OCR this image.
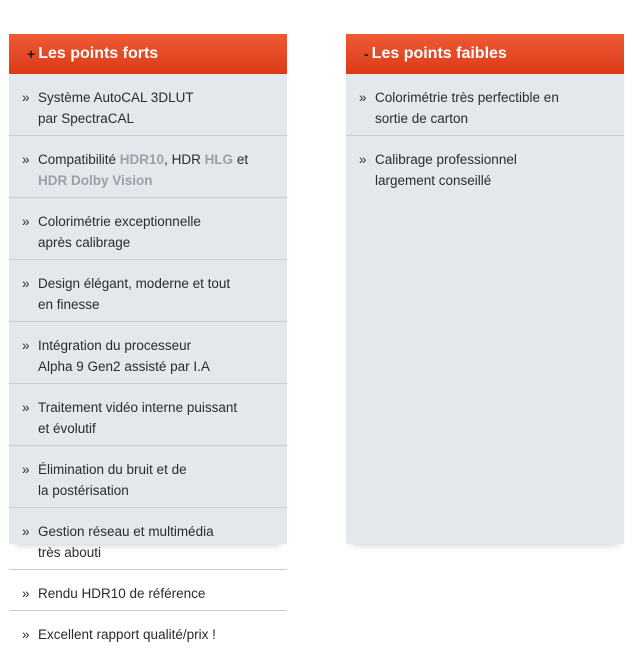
+ Les points forts
» Système AutoCAL 3DLUT
par SpectraCAL
» Compatibilité HDR10, HDR HLG et
HDR Dolby Vision
» Colorimétrie exceptionnelle
après calibrage
» Design élégant, moderne et tout
en finesse
» Intégration du processeur
Alpha 9 Gen2 assisté par I.A
» Traitement vidéo interne puissant
et évolutif
» Élimination du bruit et de
la postérisation
» Gestion réseau et multimédia
très abouti
» Rendu HDR10 de référence
» Excellent rapport qualité/prix !
- Les points faibles
» Colorimétrie très perfectible en
sortie de carton
» Calibrage professionnel
largement conseillé
